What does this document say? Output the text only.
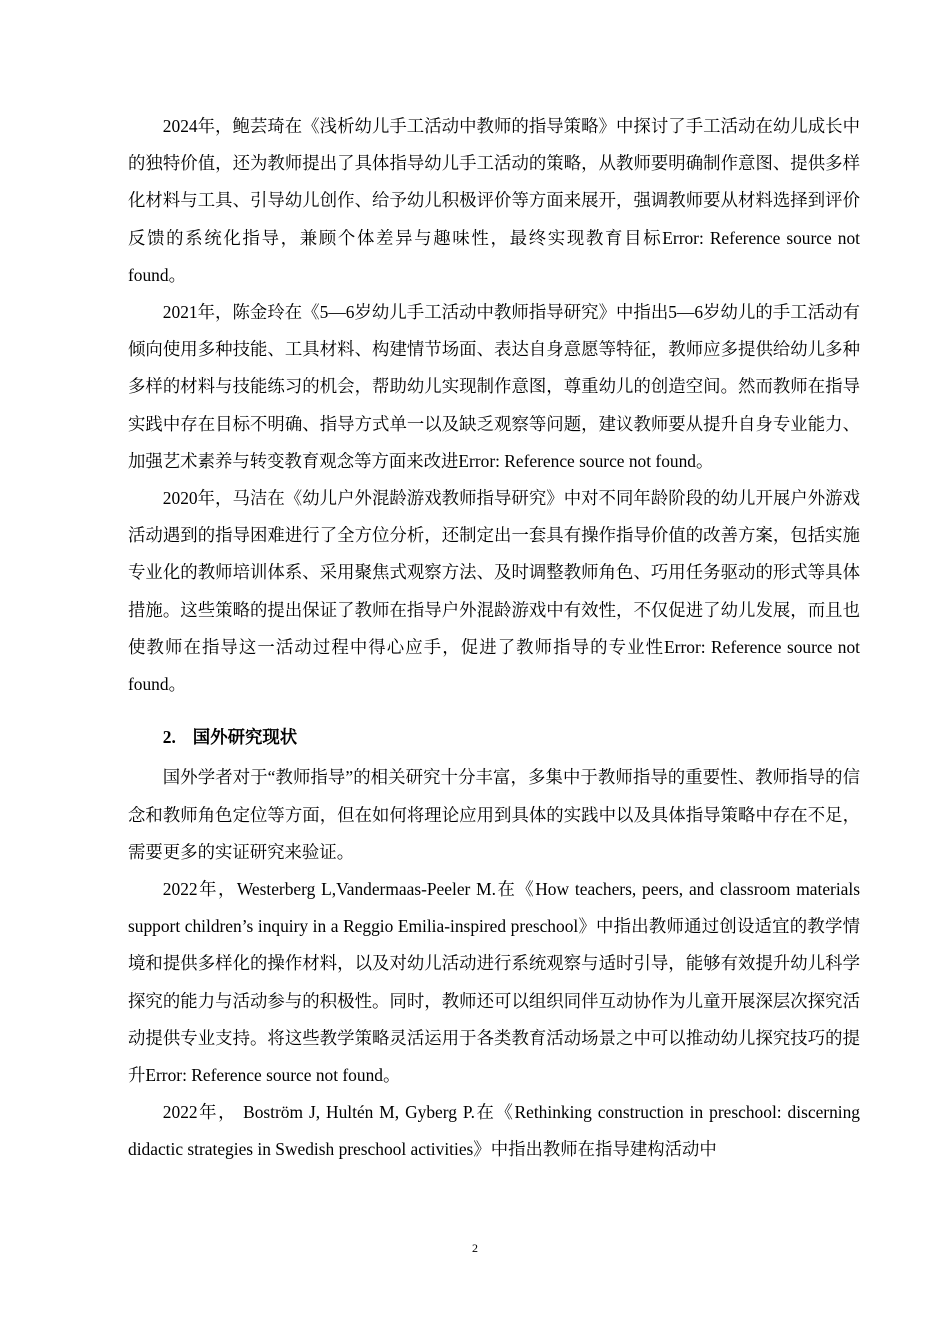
2024年，鲍芸琦在《浅析幼儿手工活动中教师的指导策略》中探讨了手工活动在幼儿成长中的独特价值，还为教师提出了具体指导幼儿手工活动的策略，从教师要明确制作意图、提供多样化材料与工具、引导幼儿创作、给予幼儿积极评价等方面来展开，强调教师要从材料选择到评价反馈的系统化指导，兼顾个体差异与趣味性，最终实现教育目标Error: Reference source not found。

2021年，陈金玲在《5—6岁幼儿手工活动中教师指导研究》中指出5—6岁幼儿的手工活动有倾向使用多种技能、工具材料、构建情节场面、表达自身意愿等特征，教师应多提供给幼儿多种多样的材料与技能练习的机会，帮助幼儿实现制作意图，尊重幼儿的创造空间。然而教师在指导实践中存在目标不明确、指导方式单一以及缺乏观察等问题，建议教师要从提升自身专业能力、加强艺术素养与转变教育观念等方面来改进Error: Reference source not found。

2020年，马洁在《幼儿户外混龄游戏教师指导研究》中对不同年龄阶段的幼儿开展户外游戏活动遇到的指导困难进行了全方位分析，还制定出一套具有操作指导价值的改善方案，包括实施专业化的教师培训体系、采用聚焦式观察方法、及时调整教师角色、巧用任务驱动的形式等具体措施。这些策略的提出保证了教师在指导户外混龄游戏中有效性，不仅促进了幼儿发展，而且也使教师在指导这一活动过程中得心应手，促进了教师指导的专业性Error: Reference source not found。

2. 国外研究现状

国外学者对于“教师指导”的相关研究十分丰富，多集中于教师指导的重要性、教师指导的信念和教师角色定位等方面，但在如何将理论应用到具体的实践中以及具体指导策略中存在不足，需要更多的实证研究来验证。

2022年，Westerberg L,Vandermaas-Peeler M.在《How teachers, peers, and classroom materials support children’s inquiry in a Reggio Emilia-inspired preschool》中指出教师通过创设适宜的教学情境和提供多样化的操作材料，以及对幼儿活动进行系统观察与适时引导，能够有效提升幼儿科学探究的能力与活动参与的积极性。同时，教师还可以组织同伴互动协作为儿童开展深层次探究活动提供专业支持。将这些教学策略灵活运用于各类教育活动场景之中可以推动幼儿探究技巧的提升Error: Reference source not found。

2022年， Boström J, Hultén M, Gyberg P.在《Rethinking construction in preschool: discerning didactic strategies in Swedish preschool activities》中指出教师在指导建构活动中

2
